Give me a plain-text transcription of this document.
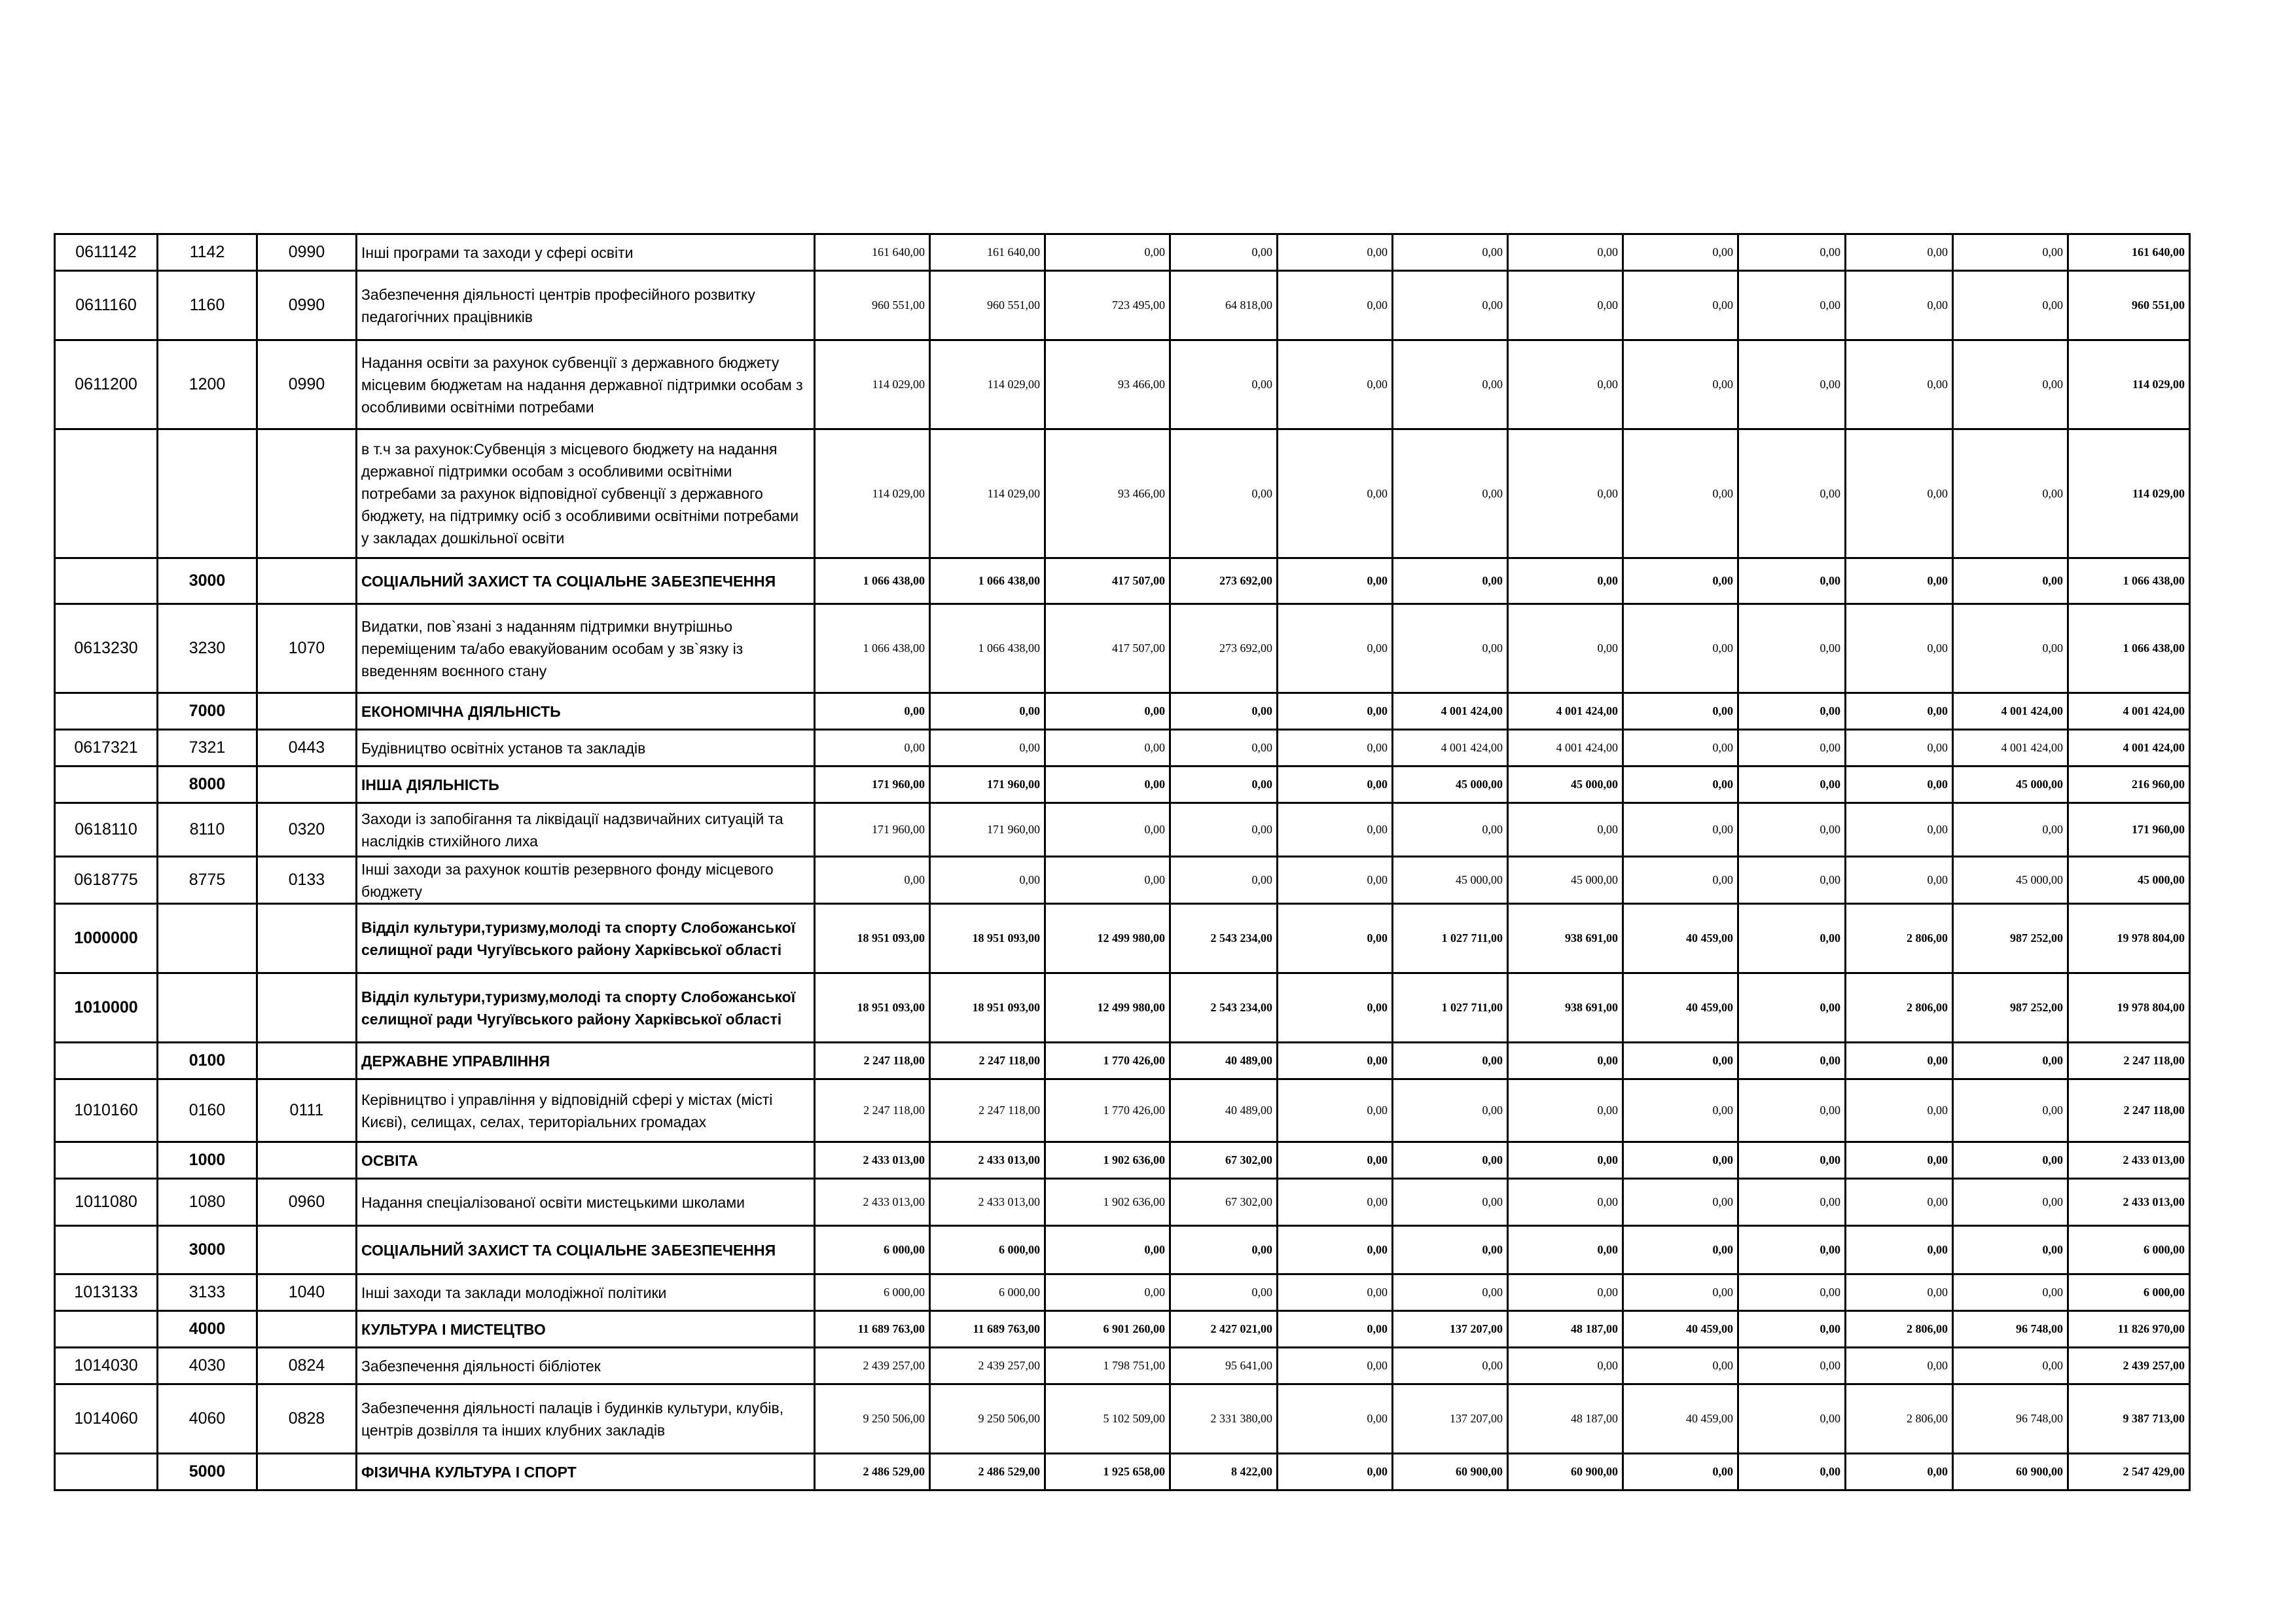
0611142	1142	0990	Інші програми та заходи у сфері освіти	161 640,00	161 640,00	0,00	0,00	0,00	0,00	0,00	0,00	0,00	0,00	0,00	161 640,00
0611160	1160	0990	Забезпечення діяльності центрів професійного розвитку педагогічних працівників	960 551,00	960 551,00	723 495,00	64 818,00	0,00	0,00	0,00	0,00	0,00	0,00	0,00	960 551,00
0611200	1200	0990	Надання освіти за рахунок субвенції з державного бюджету місцевим бюджетам на надання державної підтримки особам з особливими освітніми потребами	114 029,00	114 029,00	93 466,00	0,00	0,00	0,00	0,00	0,00	0,00	0,00	0,00	114 029,00
			в т.ч за рахунок:Субвенція з місцевого бюджету на надання державної підтримки особам з особливими освітніми потребами за рахунок відповідної субвенції з державного бюджету, на підтримку осіб з особливими освітніми потребами у закладах дошкільної освіти	114 029,00	114 029,00	93 466,00	0,00	0,00	0,00	0,00	0,00	0,00	0,00	0,00	114 029,00
	3000		СОЦІАЛЬНИЙ ЗАХИСТ ТА СОЦІАЛЬНЕ ЗАБЕЗПЕЧЕННЯ	1 066 438,00	1 066 438,00	417 507,00	273 692,00	0,00	0,00	0,00	0,00	0,00	0,00	0,00	1 066 438,00
0613230	3230	1070	Видатки, пов`язані з наданням підтримки внутрішньо переміщеним та/або евакуйованим особам у зв`язку із введенням воєнного стану	1 066 438,00	1 066 438,00	417 507,00	273 692,00	0,00	0,00	0,00	0,00	0,00	0,00	0,00	1 066 438,00
	7000		ЕКОНОМІЧНА ДІЯЛЬНІСТЬ	0,00	0,00	0,00	0,00	0,00	4 001 424,00	4 001 424,00	0,00	0,00	0,00	4 001 424,00	4 001 424,00
0617321	7321	0443	Будівництво освітніх установ та закладів	0,00	0,00	0,00	0,00	0,00	4 001 424,00	4 001 424,00	0,00	0,00	0,00	4 001 424,00	4 001 424,00
	8000		ІНША ДІЯЛЬНІСТЬ	171 960,00	171 960,00	0,00	0,00	0,00	45 000,00	45 000,00	0,00	0,00	0,00	45 000,00	216 960,00
0618110	8110	0320	Заходи із запобігання та ліквідації надзвичайних ситуацій та наслідків стихійного лиха	171 960,00	171 960,00	0,00	0,00	0,00	0,00	0,00	0,00	0,00	0,00	0,00	171 960,00
0618775	8775	0133	Інші заходи за рахунок коштів резервного фонду місцевого бюджету	0,00	0,00	0,00	0,00	0,00	45 000,00	45 000,00	0,00	0,00	0,00	45 000,00	45 000,00
1000000			Відділ культури,туризму,молоді та спорту Слобожанської селищної ради Чугуївського району Харківської області	18 951 093,00	18 951 093,00	12 499 980,00	2 543 234,00	0,00	1 027 711,00	938 691,00	40 459,00	0,00	2 806,00	987 252,00	19 978 804,00
1010000			Відділ культури,туризму,молоді та спорту Слобожанської селищної ради Чугуївського району Харківської області	18 951 093,00	18 951 093,00	12 499 980,00	2 543 234,00	0,00	1 027 711,00	938 691,00	40 459,00	0,00	2 806,00	987 252,00	19 978 804,00
	0100		ДЕРЖАВНЕ УПРАВЛІННЯ	2 247 118,00	2 247 118,00	1 770 426,00	40 489,00	0,00	0,00	0,00	0,00	0,00	0,00	0,00	2 247 118,00
1010160	0160	0111	Керівництво і управління у відповідній сфері у містах (місті Києві), селищах, селах, територіальних громадах	2 247 118,00	2 247 118,00	1 770 426,00	40 489,00	0,00	0,00	0,00	0,00	0,00	0,00	0,00	2 247 118,00
	1000		ОСВІТА	2 433 013,00	2 433 013,00	1 902 636,00	67 302,00	0,00	0,00	0,00	0,00	0,00	0,00	0,00	2 433 013,00
1011080	1080	0960	Надання спеціалізованої освіти мистецькими школами	2 433 013,00	2 433 013,00	1 902 636,00	67 302,00	0,00	0,00	0,00	0,00	0,00	0,00	0,00	2 433 013,00
	3000		СОЦІАЛЬНИЙ ЗАХИСТ ТА СОЦІАЛЬНЕ ЗАБЕЗПЕЧЕННЯ	6 000,00	6 000,00	0,00	0,00	0,00	0,00	0,00	0,00	0,00	0,00	0,00	6 000,00
1013133	3133	1040	Інші заходи та заклади молодіжної політики	6 000,00	6 000,00	0,00	0,00	0,00	0,00	0,00	0,00	0,00	0,00	0,00	6 000,00
	4000		КУЛЬТУРА І МИСТЕЦТВО	11 689 763,00	11 689 763,00	6 901 260,00	2 427 021,00	0,00	137 207,00	48 187,00	40 459,00	0,00	2 806,00	96 748,00	11 826 970,00
1014030	4030	0824	Забезпечення діяльності бібліотек	2 439 257,00	2 439 257,00	1 798 751,00	95 641,00	0,00	0,00	0,00	0,00	0,00	0,00	0,00	2 439 257,00
1014060	4060	0828	Забезпечення діяльності палаців і будинків культури, клубів, центрів дозвілля та інших клубних закладів	9 250 506,00	9 250 506,00	5 102 509,00	2 331 380,00	0,00	137 207,00	48 187,00	40 459,00	0,00	2 806,00	96 748,00	9 387 713,00
	5000		ФІЗИЧНА КУЛЬТУРА І СПОРТ	2 486 529,00	2 486 529,00	1 925 658,00	8 422,00	0,00	60 900,00	60 900,00	0,00	0,00	0,00	60 900,00	2 547 429,00
